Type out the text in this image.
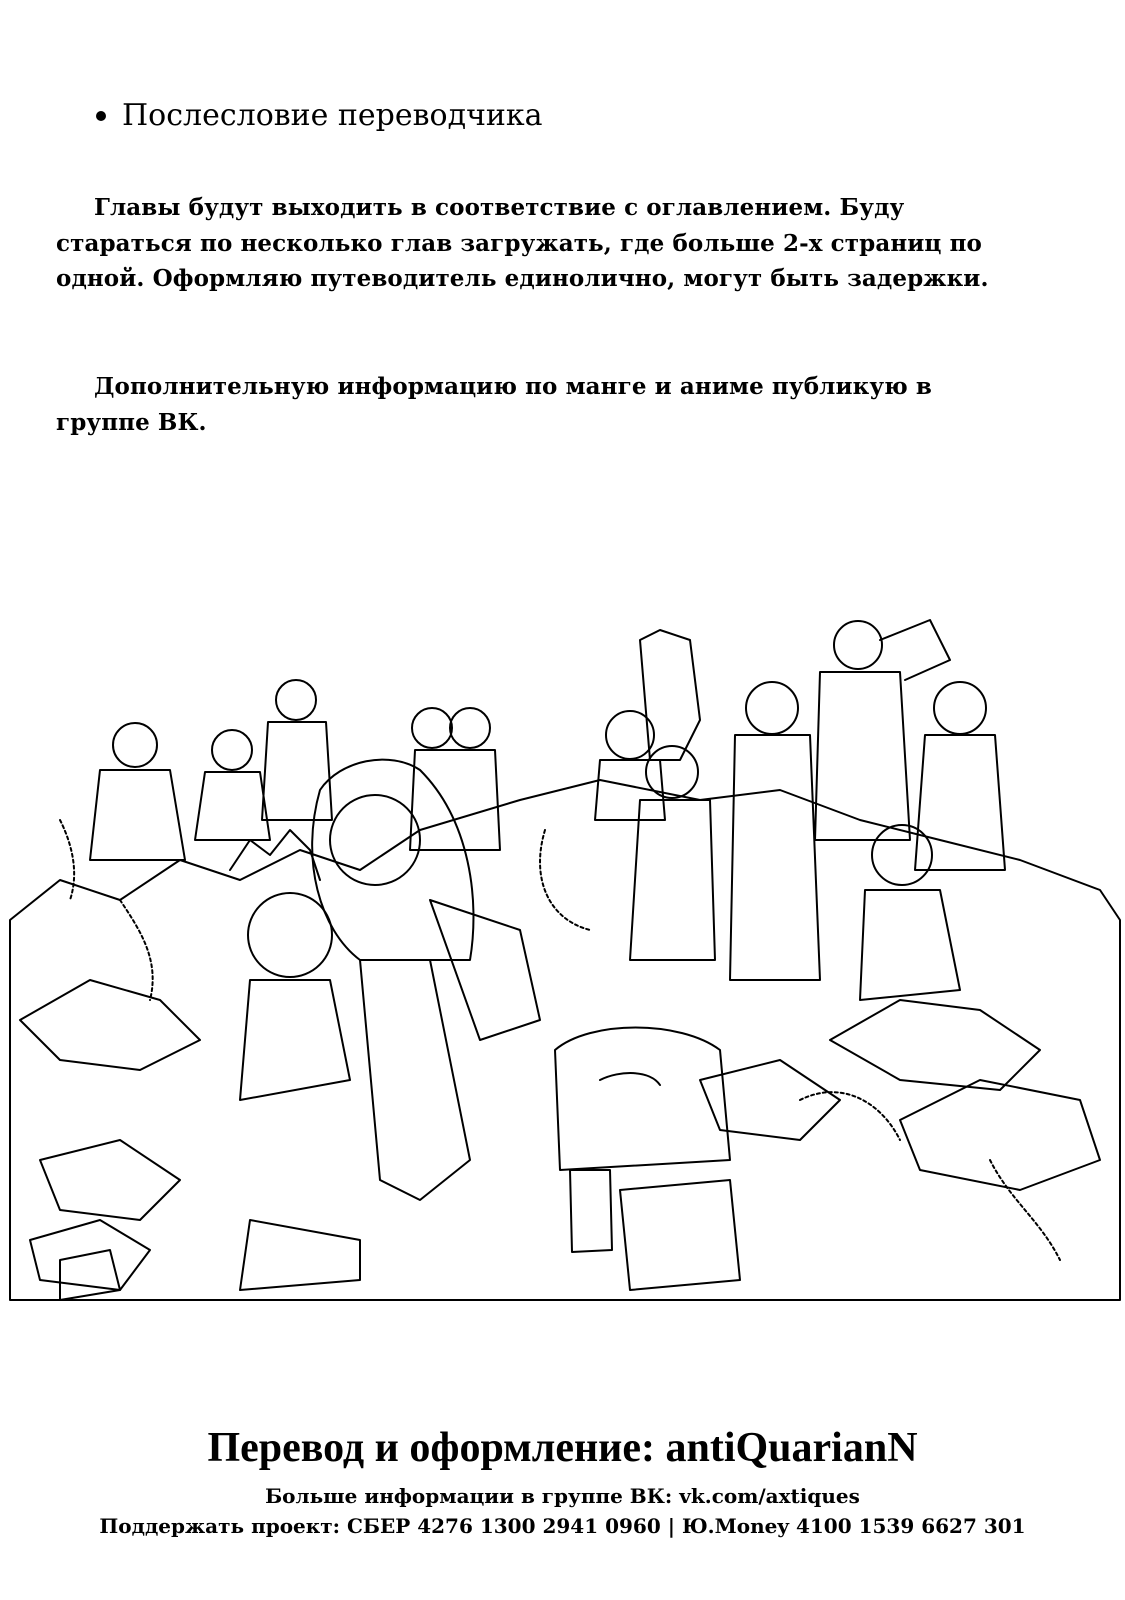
Послесловие переводчика

Главы будут выходить в соответствие с оглавлением. Буду стараться по несколько глав загружать, где больше 2-х страниц по одной. Оформляю путеводитель единолично, могут быть задержки.

Дополнительную информацию по манге и аниме публикую в группе ВК.

Перевод и оформление: antiQuarianN

Больше информации в группе ВК: vk.com/axtiques

Поддержать проект: СБЕР 4276 1300 2941 0960 | Ю.Money 4100 1539 6627 301
